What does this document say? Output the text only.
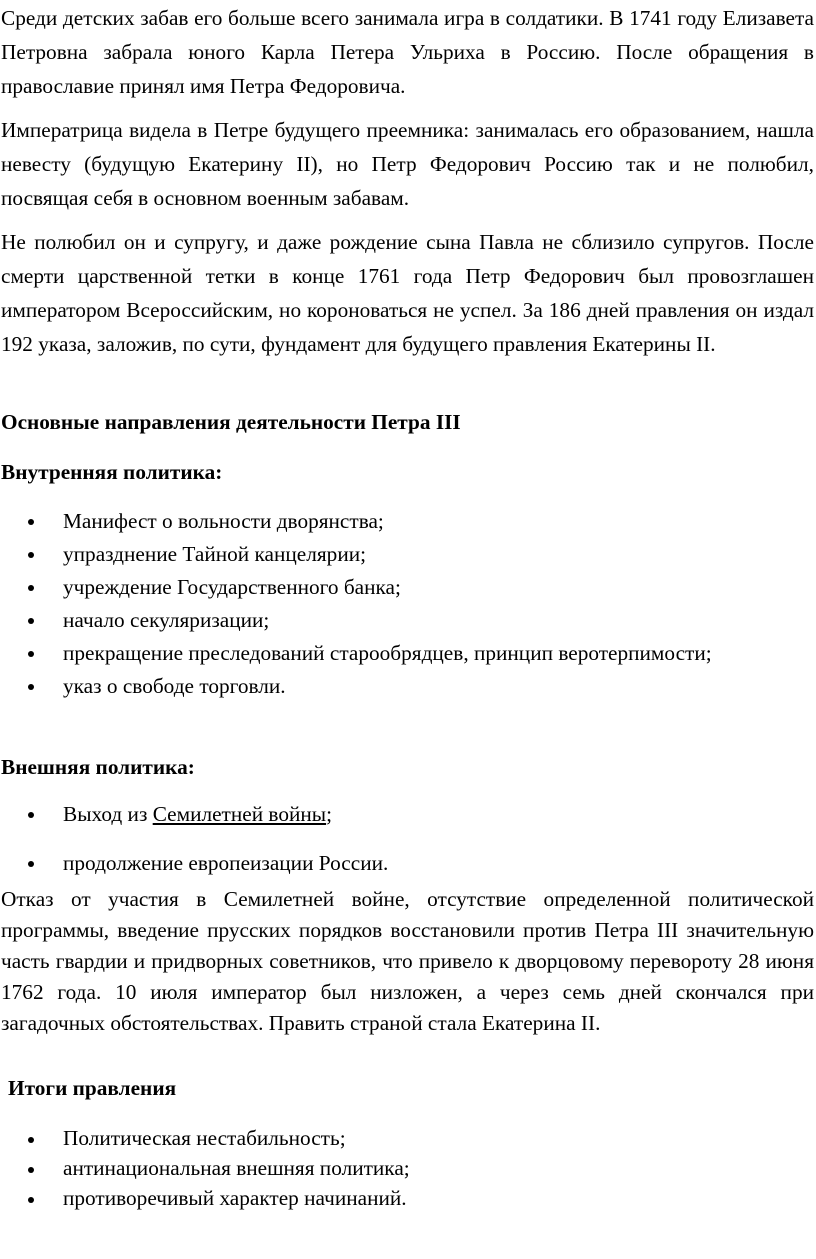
Среди детских забав его больше всего занимала игра в солдатики. В 1741 году Елизавета Петровна забрала юного Карла Петера Ульриха в Россию. После обращения в православие принял имя Петра Федоровича.

Императрица видела в Петре будущего преемника: занималась его образованием, нашла невесту (будущую Екатерину II), но Петр Федорович Россию так и не полюбил, посвящая себя в основном военным забавам.

Не полюбил он и супругу, и даже рождение сына Павла не сблизило супругов. После смерти царственной тетки в конце 1761 года Петр Федорович был провозглашен императором Всероссийским, но короноваться не успел. За 186 дней правления он издал 192 указа, заложив, по сути, фундамент для будущего правления Екатерины II.

Основные направления деятельности Петра III
Внутренняя политика:
Манифест о вольности дворянства;
упразднение Тайной канцелярии;
учреждение Государственного банка;
начало секуляризации;
прекращение преследований старообрядцев, принцип веротерпимости;
указ о свободе торговли.
Внешняя политика:
Выход из Семилетней войны;
продолжение европеизации России.

Отказ от участия в Семилетней войне, отсутствие определенной политической программы, введение прусских порядков восстановили против Петра III значительную часть гвардии и придворных советников, что привело к дворцовому перевороту 28 июня 1762 года. 10 июля император был низложен, а через семь дней скончался при загадочных обстоятельствах. Править страной стала Екатерина II.

Итоги правления
Политическая нестабильность;
антинациональная внешняя политика;
противоречивый характер начинаний.
